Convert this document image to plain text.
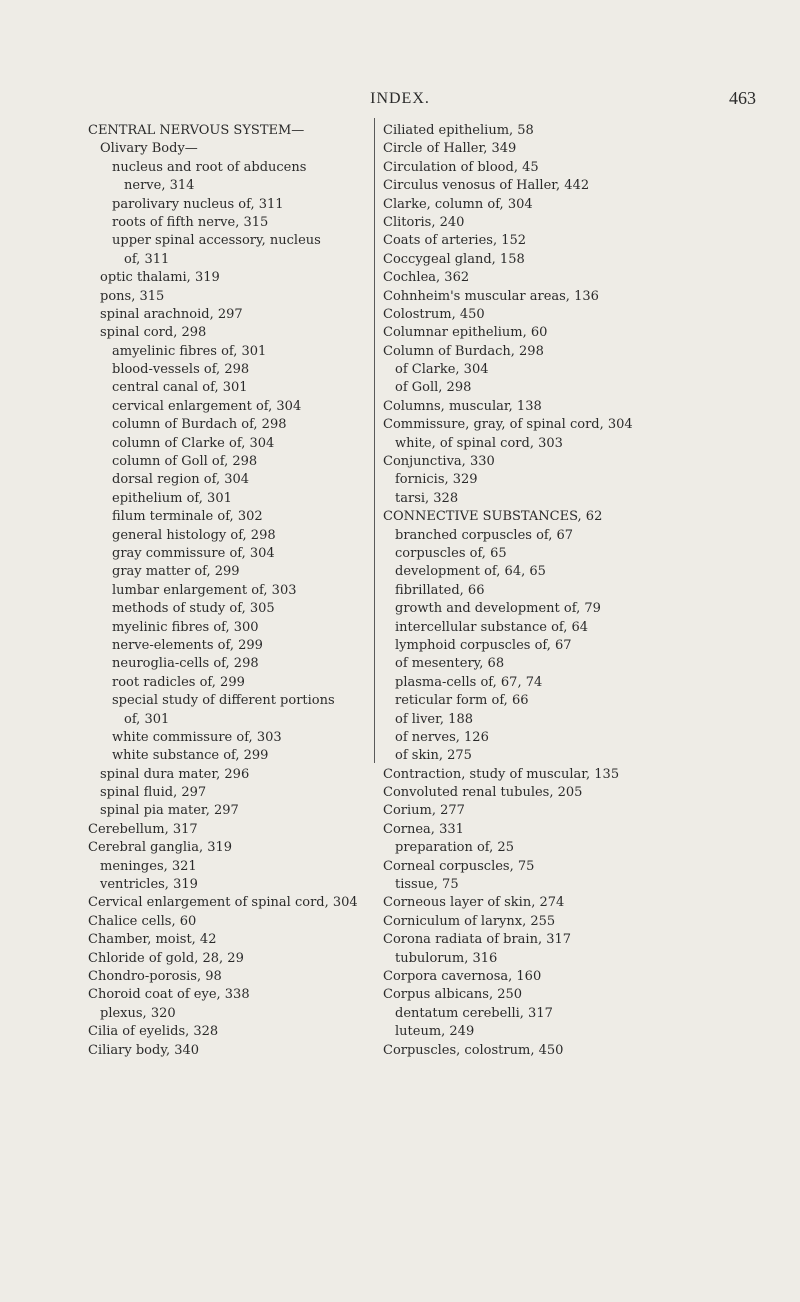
INDEX.	463
CENTRAL NERVOUS SYSTEM—
Olivary Body—
nucleus and root of abducens
nerve, 314
parolivary nucleus of, 311
roots of fifth nerve, 315
upper spinal accessory, nucleus
of, 311
optic thalami, 319
pons, 315
spinal arachnoid, 297
spinal cord, 298
amyelinic fibres of, 301
blood-vessels of, 298
central canal of, 301
cervical enlargement of, 304
column of Burdach of, 298
column of Clarke of, 304
column of Goll of, 298
dorsal region of, 304
epithelium of, 301
filum terminale of, 302
general histology of, 298
gray commissure of, 304
gray matter of, 299
lumbar enlargement of, 303
methods of study of, 305
myelinic fibres of, 300
nerve-elements of, 299
neuroglia-cells of, 298
root radicles of, 299
special study of different portions
of, 301
white commissure of, 303
white substance of, 299
spinal dura mater, 296
spinal fluid, 297
spinal pia mater, 297
Cerebellum, 317
Cerebral ganglia, 319
meninges, 321
ventricles, 319
Cervical enlargement of spinal cord, 304
Chalice cells, 60
Chamber, moist, 42
Chloride of gold, 28, 29
Chondro-porosis, 98
Choroid coat of eye, 338
plexus, 320
Cilia of eyelids, 328
Ciliary body, 340
Ciliated epithelium, 58
Circle of Haller, 349
Circulation of blood, 45
Circulus venosus of Haller, 442
Clarke, column of, 304
Clitoris, 240
Coats of arteries, 152
Coccygeal gland, 158
Cochlea, 362
Cohnheim's muscular areas, 136
Colostrum, 450
Columnar epithelium, 60
Column of Burdach, 298
of Clarke, 304
of Goll, 298
Columns, muscular, 138
Commissure, gray, of spinal cord, 304
white, of spinal cord, 303
Conjunctiva, 330
fornicis, 329
tarsi, 328
CONNECTIVE SUBSTANCES, 62
branched corpuscles of, 67
corpuscles of, 65
development of, 64, 65
fibrillated, 66
growth and development of, 79
intercellular substance of, 64
lymphoid corpuscles of, 67
of mesentery, 68
plasma-cells of, 67, 74
reticular form of, 66
of liver, 188
of nerves, 126
of skin, 275
Contraction, study of muscular, 135
Convoluted renal tubules, 205
Corium, 277
Cornea, 331
preparation of, 25
Corneal corpuscles, 75
tissue, 75
Corneous layer of skin, 274
Corniculum of larynx, 255
Corona radiata of brain, 317
tubulorum, 316
Corpora cavernosa, 160
Corpus albicans, 250
dentatum cerebelli, 317
luteum, 249
Corpuscles, colostrum, 450
